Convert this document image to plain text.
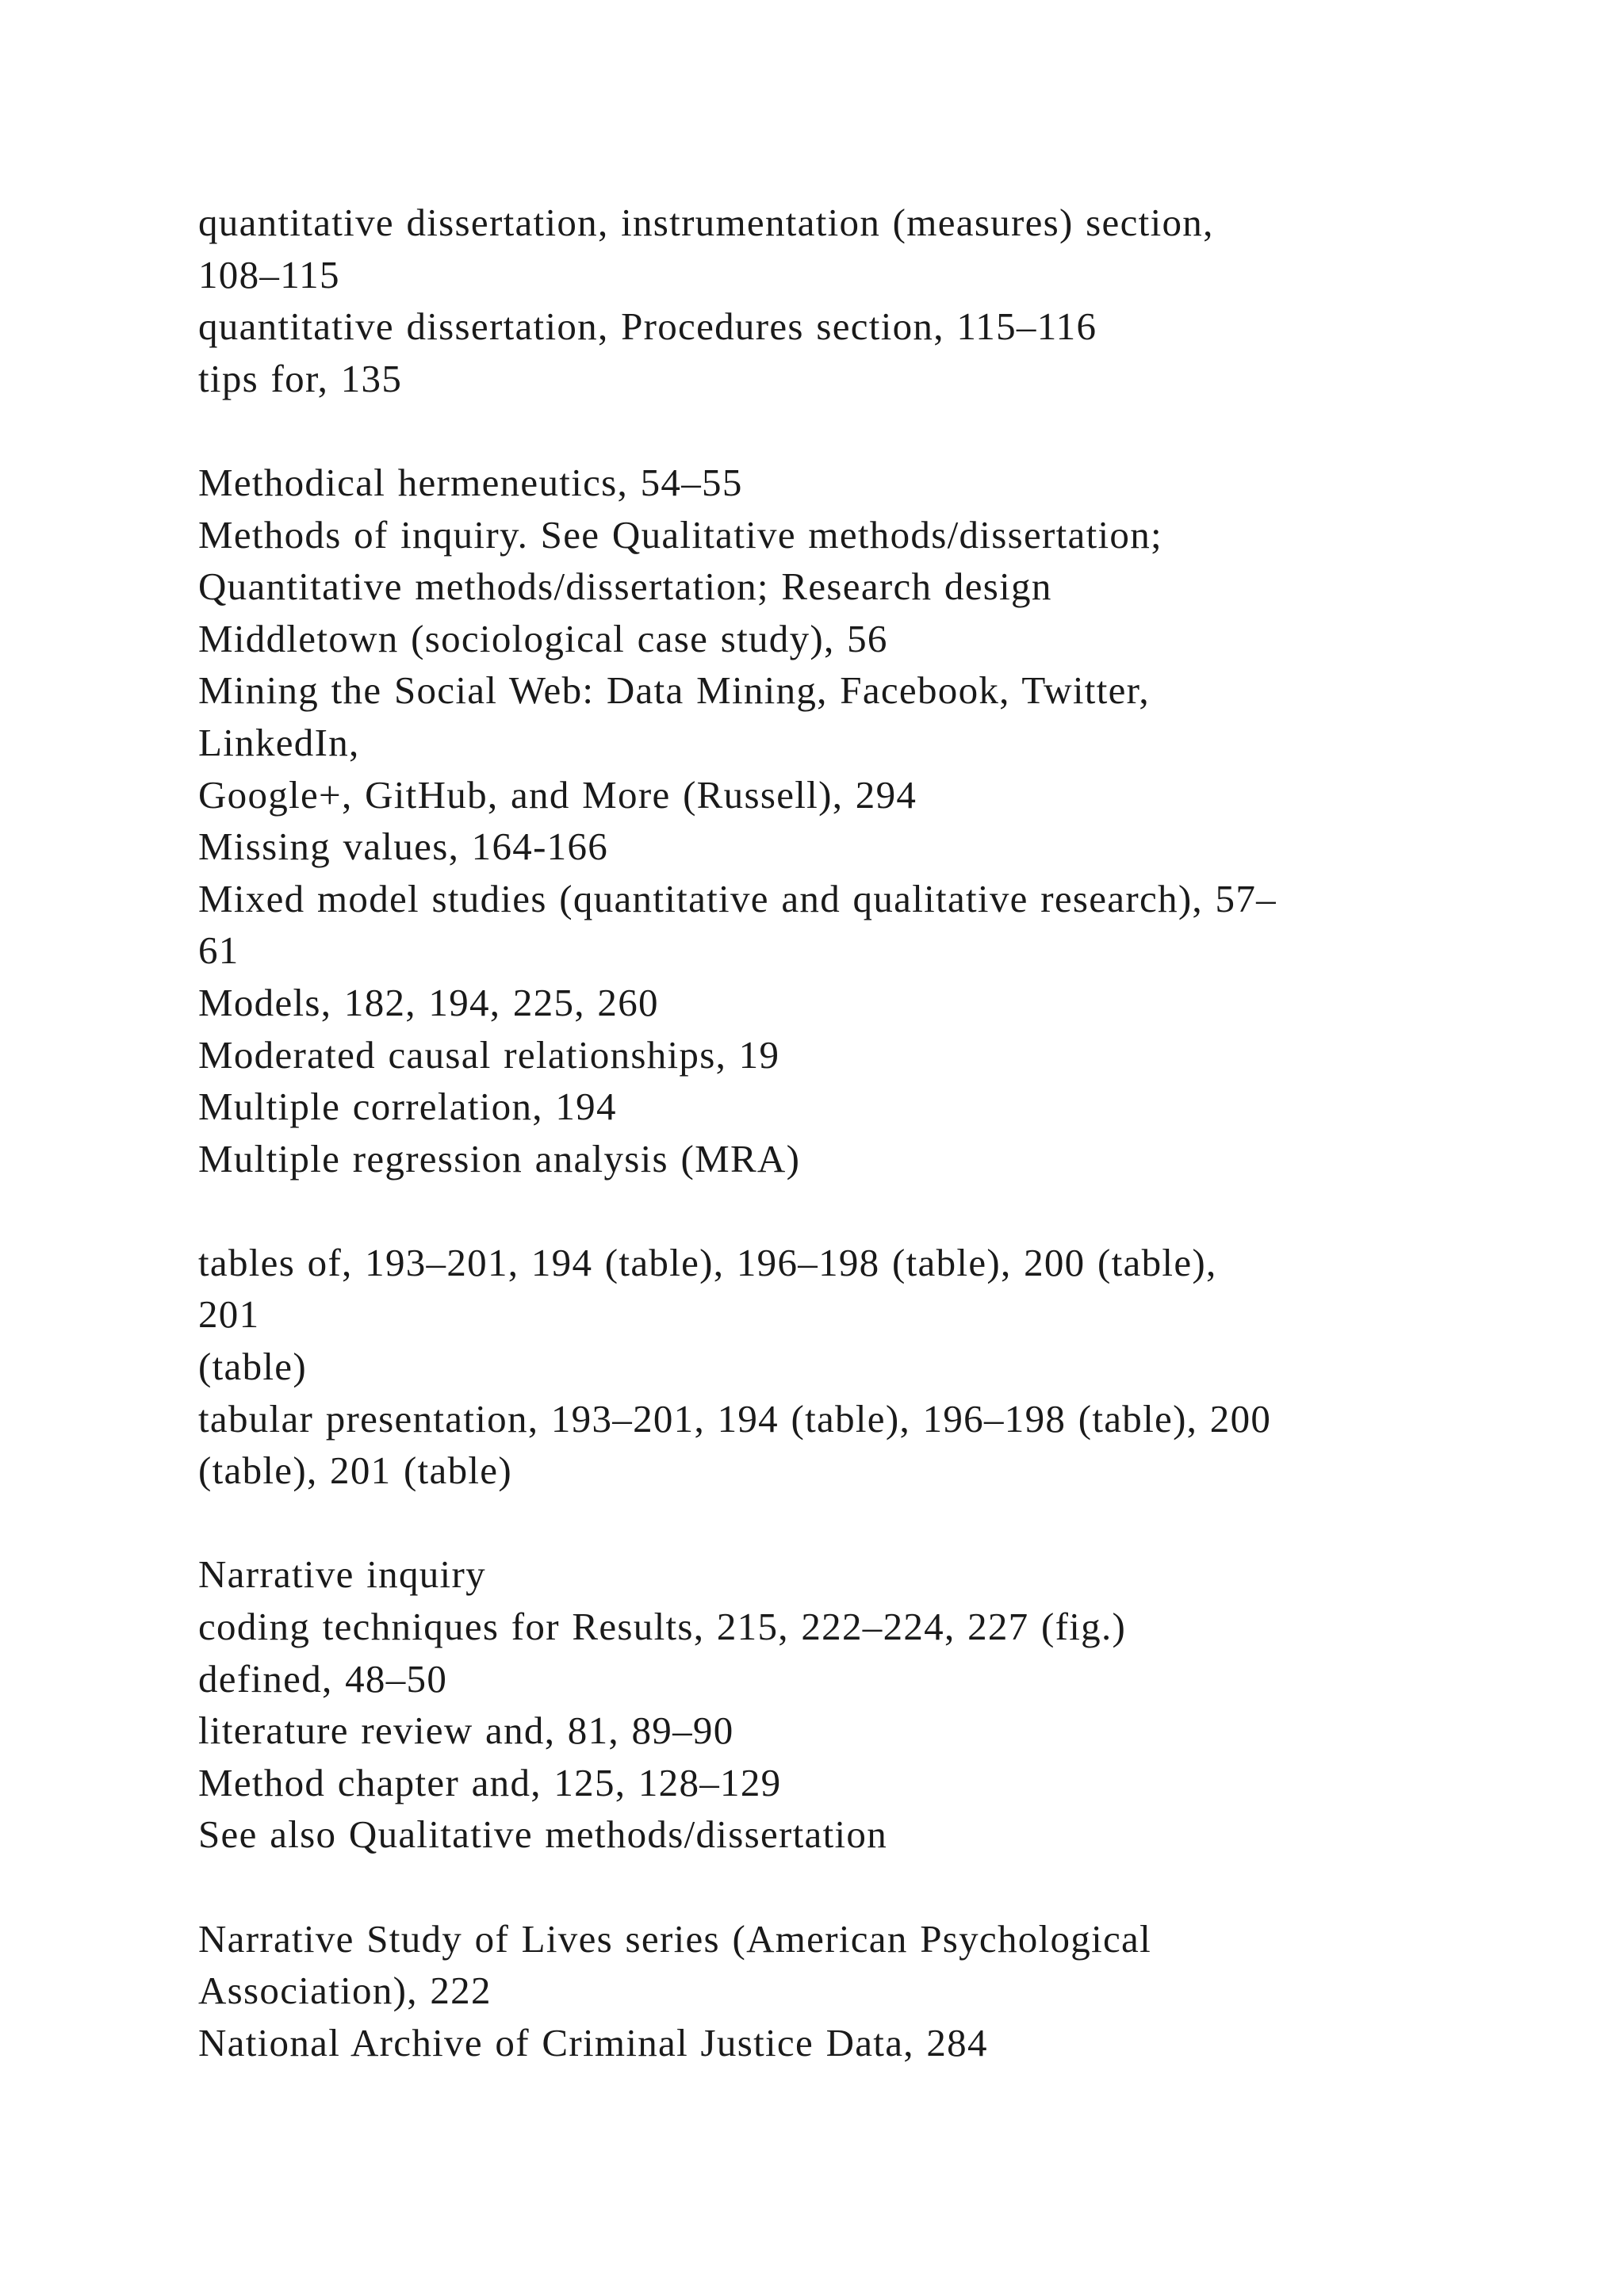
quantitative dissertation, instrumentation (measures) section,
108–115
quantitative dissertation, Procedures section, 115–116
tips for, 135
Methodical hermeneutics, 54–55
Methods of inquiry. See Qualitative methods/dissertation;
Quantitative methods/dissertation; Research design
Middletown (sociological case study), 56
Mining the Social Web: Data Mining, Facebook, Twitter,
LinkedIn,
Google+, GitHub, and More (Russell), 294
Missing values, 164-166
Mixed model studies (quantitative and qualitative research), 57–
61
Models, 182, 194, 225, 260
Moderated causal relationships, 19
Multiple correlation, 194
Multiple regression analysis (MRA)
tables of, 193–201, 194 (table), 196–198 (table), 200 (table),
201
(table)
tabular presentation, 193–201, 194 (table), 196–198 (table), 200
(table), 201 (table)
Narrative inquiry
coding techniques for Results, 215, 222–224, 227 (fig.)
defined, 48–50
literature review and, 81, 89–90
Method chapter and, 125, 128–129
See also Qualitative methods/dissertation
Narrative Study of Lives series (American Psychological
Association), 222
National Archive of Criminal Justice Data, 284
